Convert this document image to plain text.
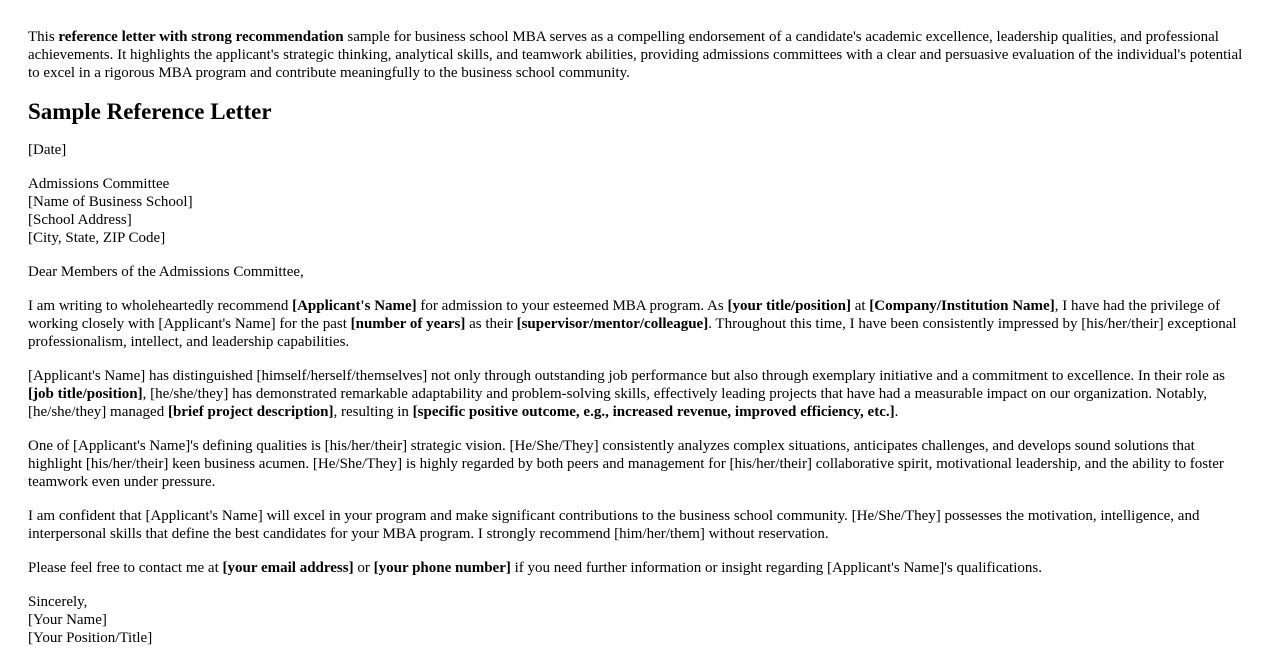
This reference letter with strong recommendation sample for business school MBA serves as a compelling endorsement of a candidate's academic excellence, leadership qualities, and professional achievements. It highlights the applicant's strategic thinking, analytical skills, and teamwork abilities, providing admissions committees with a clear and persuasive evaluation of the individual's potential to excel in a rigorous MBA program and contribute meaningfully to the business school community.

Sample Reference Letter

[Date]

Admissions Committee
[Name of Business School]
[School Address]
[City, State, ZIP Code]

Dear Members of the Admissions Committee,

I am writing to wholeheartedly recommend [Applicant's Name] for admission to your esteemed MBA program. As [your title/position] at [Company/Institution Name], I have had the privilege of working closely with [Applicant's Name] for the past [number of years] as their [supervisor/mentor/colleague]. Throughout this time, I have been consistently impressed by [his/her/their] exceptional professionalism, intellect, and leadership capabilities.

[Applicant's Name] has distinguished [himself/herself/themselves] not only through outstanding job performance but also through exemplary initiative and a commitment to excellence. In their role as [job title/position], [he/she/they] has demonstrated remarkable adaptability and problem-solving skills, effectively leading projects that have had a measurable impact on our organization. Notably, [he/she/they] managed [brief project description], resulting in [specific positive outcome, e.g., increased revenue, improved efficiency, etc.].

One of [Applicant's Name]'s defining qualities is [his/her/their] strategic vision. [He/She/They] consistently analyzes complex situations, anticipates challenges, and develops sound solutions that highlight [his/her/their] keen business acumen. [He/She/They] is highly regarded by both peers and management for [his/her/their] collaborative spirit, motivational leadership, and the ability to foster teamwork even under pressure.

I am confident that [Applicant's Name] will excel in your program and make significant contributions to the business school community. [He/She/They] possesses the motivation, intelligence, and interpersonal skills that define the best candidates for your MBA program. I strongly recommend [him/her/them] without reservation.

Please feel free to contact me at [your email address] or [your phone number] if you need further information or insight regarding [Applicant's Name]'s qualifications.

Sincerely,
[Your Name]
[Your Position/Title]
